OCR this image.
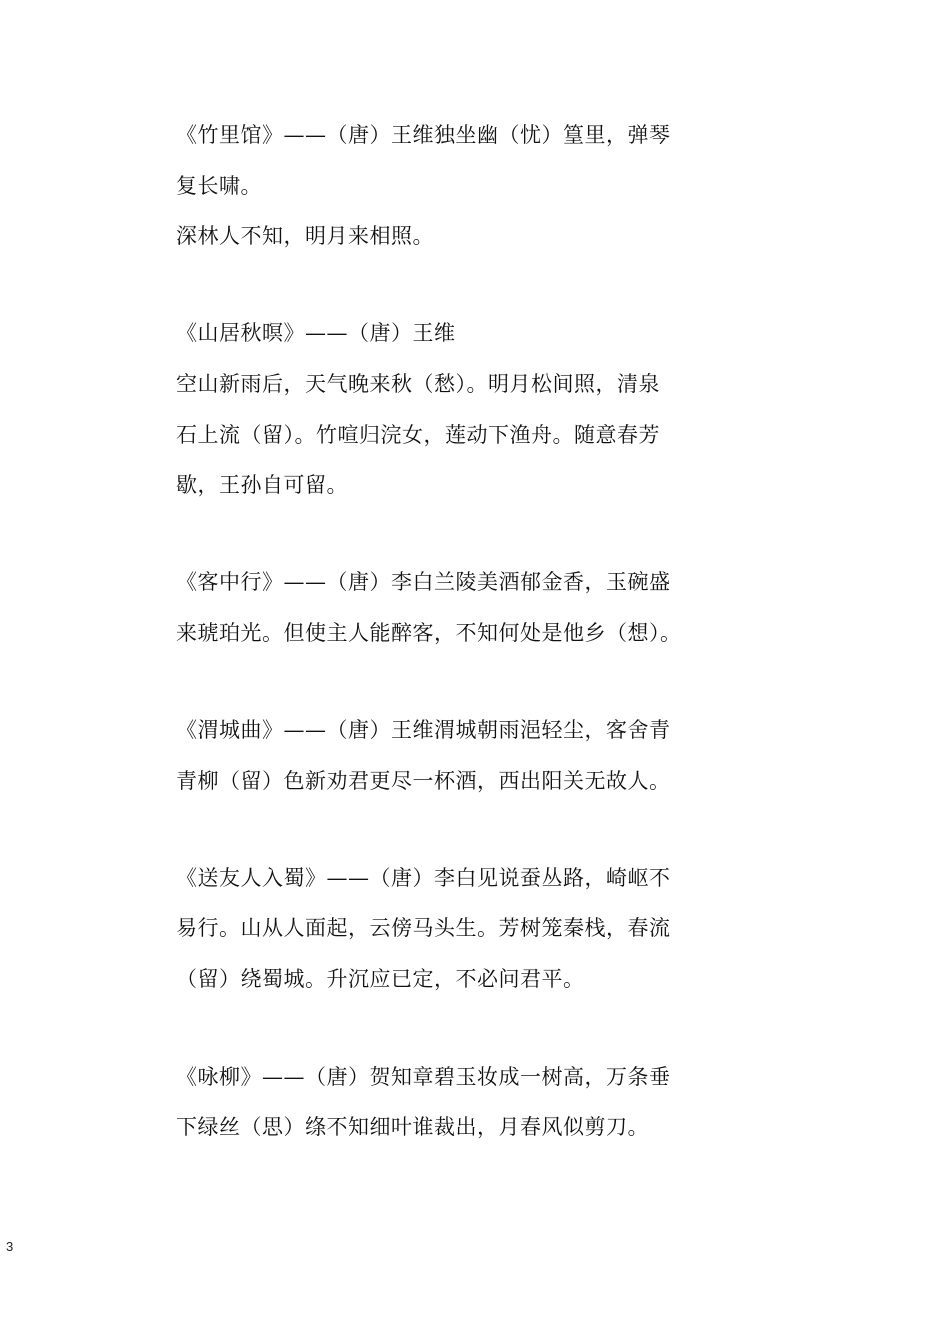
《竹里馆》——（唐）王维独坐幽（忧）篁里，弹琴
复长啸。
深林人不知，明月来相照。
《山居秋暝》——（唐）王维
空山新雨后，天气晚来秋（愁）。明月松间照，清泉
石上流（留）。竹喧归浣女，莲动下渔舟。随意春芳
歇，王孙自可留。
《客中行》——（唐）李白兰陵美酒郁金香，玉碗盛
来琥珀光。但使主人能醉客，不知何处是他乡（想）。
《渭城曲》——（唐）王维渭城朝雨浥轻尘，客舍青
青柳（留）色新劝君更尽一杯酒，西出阳关无故人。
《送友人入蜀》——（唐）李白见说蚕丛路，崎岖不
易行。山从人面起，云傍马头生。芳树笼秦栈，春流
（留）绕蜀城。升沉应已定，不必问君平。
《咏柳》——（唐）贺知章碧玉妆成一树高，万条垂
下绿丝（思）绦不知细叶谁裁出，月春风似剪刀。
3
